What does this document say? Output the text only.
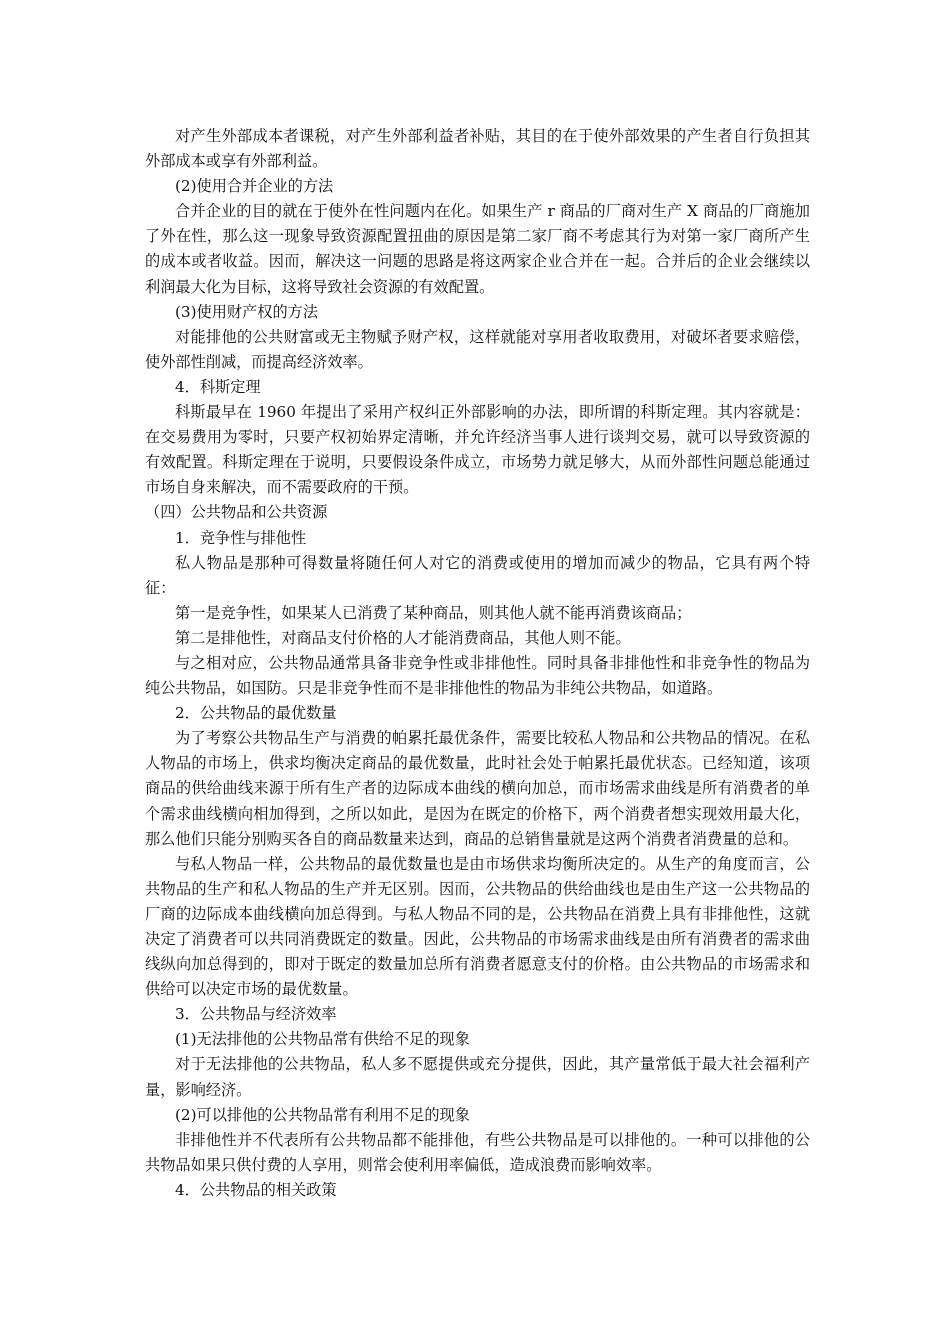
对产生外部成本者课税，对产生外部利益者补贴，其目的在于使外部效果的产生者自行负担其外部成本或享有外部利益。

(2)使用合并企业的方法

合并企业的目的就在于使外在性问题内在化。如果生产 r 商品的厂商对生产 X 商品的厂商施加了外在性，那么这一现象导致资源配置扭曲的原因是第二家厂商不考虑其行为对第一家厂商所产生的成本或者收益。因而，解决这一问题的思路是将这两家企业合并在一起。合并后的企业会继续以利润最大化为目标，这将导致社会资源的有效配置。

(3)使用财产权的方法

对能排他的公共财富或无主物赋予财产权，这样就能对享用者收取费用，对破坏者要求赔偿，使外部性削减，而提高经济效率。

4．科斯定理

科斯最早在 1960 年提出了采用产权纠正外部影响的办法，即所谓的科斯定理。其内容就是：在交易费用为零时，只要产权初始界定清晰，并允许经济当事人进行谈判交易，就可以导致资源的有效配置。科斯定理在于说明，只要假设条件成立，市场势力就足够大，从而外部性问题总能通过市场自身来解决，而不需要政府的干预。

（四）公共物品和公共资源

1．竞争性与排他性

私人物品是那种可得数量将随任何人对它的消费或使用的增加而减少的物品，它具有两个特征：

第一是竞争性，如果某人已消费了某种商品，则其他人就不能再消费该商品；

第二是排他性，对商品支付价格的人才能消费商品，其他人则不能。

与之相对应，公共物品通常具备非竞争性或非排他性。同时具备非排他性和非竞争性的物品为纯公共物品，如国防。只是非竞争性而不是非排他性的物品为非纯公共物品，如道路。

2．公共物品的最优数量

为了考察公共物品生产与消费的帕累托最优条件，需要比较私人物品和公共物品的情况。在私人物品的市场上，供求均衡决定商品的最优数量，此时社会处于帕累托最优状态。已经知道，该项商品的供给曲线来源于所有生产者的边际成本曲线的横向加总，而市场需求曲线是所有消费者的单个需求曲线横向相加得到，之所以如此，是因为在既定的价格下，两个消费者想实现效用最大化，那么他们只能分别购买各自的商品数量来达到，商品的总销售量就是这两个消费者消费量的总和。

与私人物品一样，公共物品的最优数量也是由市场供求均衡所决定的。从生产的角度而言，公共物品的生产和私人物品的生产并无区别。因而，公共物品的供给曲线也是由生产这一公共物品的厂商的边际成本曲线横向加总得到。与私人物品不同的是，公共物品在消费上具有非排他性，这就决定了消费者可以共同消费既定的数量。因此，公共物品的市场需求曲线是由所有消费者的需求曲线纵向加总得到的，即对于既定的数量加总所有消费者愿意支付的价格。由公共物品的市场需求和供给可以决定市场的最优数量。

3．公共物品与经济效率

(1)无法排他的公共物品常有供给不足的现象

对于无法排他的公共物品，私人多不愿提供或充分提供，因此，其产量常低于最大社会福利产量，影响经济。

(2)可以排他的公共物品常有利用不足的现象

非排他性并不代表所有公共物品都不能排他，有些公共物品是可以排他的。一种可以排他的公共物品如果只供付费的人享用，则常会使利用率偏低，造成浪费而影响效率。

4．公共物品的相关政策
